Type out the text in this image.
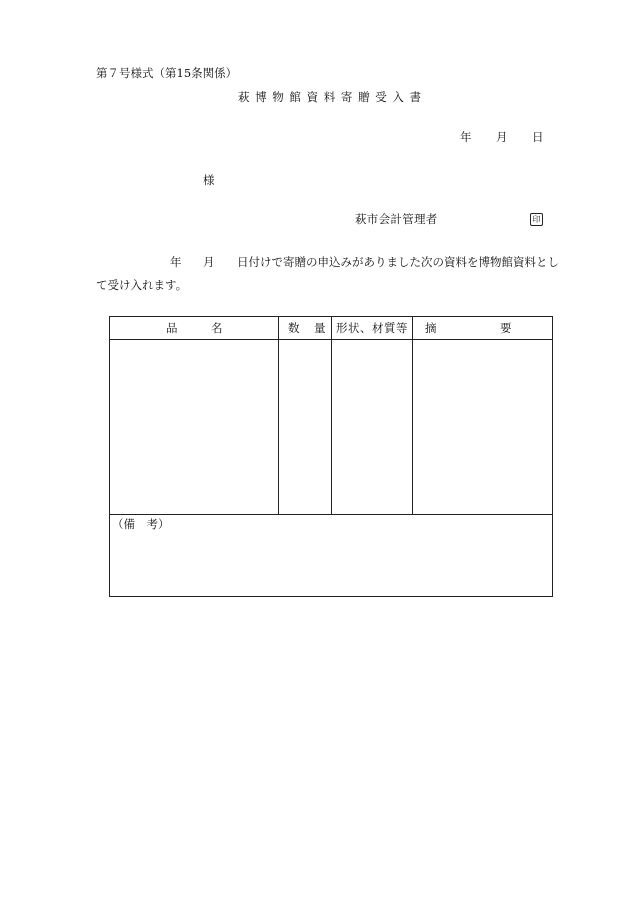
第７号様式（第15条関係）
萩 博 物 館 資 料 寄 贈 受 入 書
年 月 日
様
萩市会計管理者	印
年 月 日付けで寄贈の申込みがありました次の資料を博物館資料とし
て受け入れます。
品　　名	数　量 形状、材質等 摘　　要
（備　考）
